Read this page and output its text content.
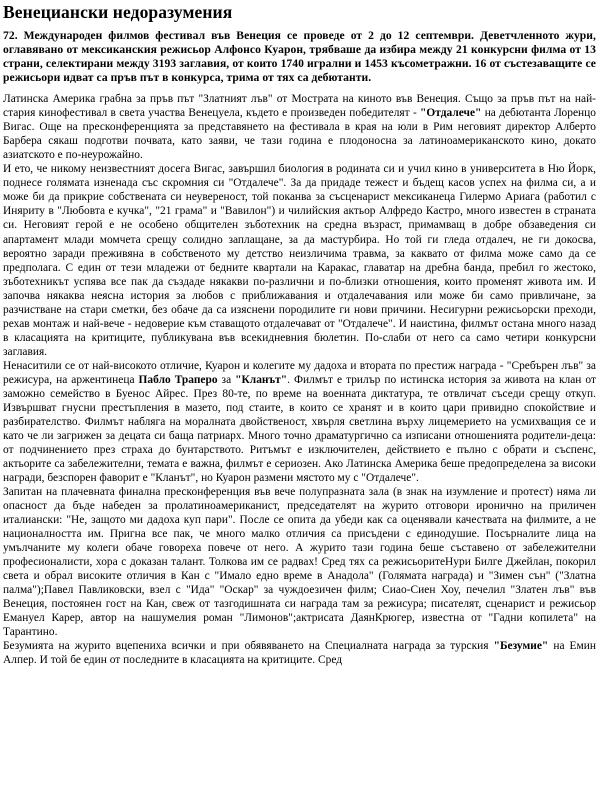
Венециански недоразумения
72. Международен филмов фестивал във Венеция се проведе от 2 до 12 септември. Деветчленното жури, оглавявано от мексиканския режисьор Алфонсо Куарон, трябваше да избира между 21 конкурсни филма от 13 страни, селектирани между 3193 заглавия, от които 1740 игрални и 1453 късометражни. 16 от състезаващите се режисьори идват са пръв път в конкурса, трима от тях са дебютанти.

Латинска Америка грабна за пръв път "Златният лъв" от Мострата на киното във Венеция. Също за пръв път на най-стария кинофестивал в света участва Венецуела, където е произведен победителят - "Отдалече" на дебютанта Лоренцо Вигас. Още на пресконференцията за представянето на фестивала в края на юли в Рим неговият директор Алберто Барбера сякаш подготви почвата, като заяви, че тази година е плодоносна за латиноамериканското кино, докато азиатското е по-неурожайно.

И ето, че никому неизвестният досега Вигас, завършил биология в родината си и учил кино в университета в Ню Йорк, поднесе голямата изненада със скромния си "Отдалече". За да придаде тежест и бъдещ касов успех на филма си, а и може би да прикрие собствената си неувереност, той поканва за съсценарист мексиканеца Гилермо Ариага (работил с Иняриту в "Любовта е кучка", "21 грама" и "Вавилон") и чилийския актьор Алфредо Кастро, много известен в страната си. Неговият герой е не особено общителен зъботехник на средна възраст, примамващ в добре обзаведения си апартамент млади момчета срещу солидно заплащане, за да мастурбира. Но той ги гледа отдалеч, не ги докосва, вероятно заради преживяна в собственото му детство неизличима травма, за каквато от филма може само да се предполага. С един от тези младежи от бедните квартали на Каракас, главатар на дребна банда, пребил го жестоко, зъботехникът успява все пак да създаде някакви по-различни и по-близки отношения, които променят живота им. И започва някаква неясна история за любов с приближавания и отдалечавания или може би само привличане, за разчистване на стари сметки, без обаче да са изяснени породилите ги нови причини. Несигурни режисьорски преходи, рехав монтаж и най-вече - недоверие към ставащото отдалечават от "Отдалече". И наистина, филмът остана много назад в класацията на критиците, публикувана във всекидневния бюлетин. По-слаби от него са само четири конкурсни заглавия.

Ненаситили се от най-високото отличие, Куарон и колегите му дадоха и втората по престиж награда - "Сребърен лъв" за режисура, на аржентинеца Пабло Траперо за "Кланът". Филмът е трилър по истинска история за живота на клан от заможно семейство в Буенос Айрес. През 80-те, по време на военната диктатура, те отвличат съседи срещу откуп. Извършват гнусни престъпления в мазето, под стаите, в които се хранят и в които цари привидно спокойствие и разбирателство. Филмът набляга на моралната двойственост, хвърля светлина върху лицемерието на усмихващия се и като че ли загрижен за децата си баща патриарх. Много точно драматургично са изписани отношенията родители-деца: от подчинението през страха до бунтарството. Ритъмът е изключителен, действието е пълно с обрати и съспенс, актьорите са забележителни, темата е важна, филмът е сериозен. Ако Латинска Америка беше предопределена за високи награди, безспорен фаворит е "Кланът", но Куарон размени мястото му с "Отдалече".

Запитан на плачевната финална пресконференция във вече полупразната зала (в знак на изумление и протест) няма ли опасност да бъде набеден за пролатиноамериканист, председателят на журито отговори иронично на приличен италиански: "Не, защото ми дадоха куп пари". После се опита да убеди как са оценявали качествата на филмите, а не националността им. Пригна все пак, че много малко отличия са присъдени с единодушие. Посърналите лица на умълчаните му колеги обаче говореха повече от него. А журито тази година беше съставено от забележителни професионалисти, хора с доказан талант. Толкова им се радвах! Сред тях са режисьоритеНури Билге Джейлан, покорил света и обрал високите отличия в Кан с "Имало едно време в Анадола" (Голямата награда) и "Зимен сън" ("Златна палма");Павел Павликовски, взел с "Ида" "Оскар" за чуждоезичен филм; Сиао-Сиен Хоу, печелил "Златен лъв" във Венеция, постоянен гост на Кан, свеж от тазгодишната си награда там за режисура; писателят, сценарист и режисьор Емануел Карер, автор на нашумелия роман "Лимонов";актрисата ДаянКрюгер, известна от "Гадни копилета" на Тарантино.

Безумията на журито вцепениха всички и при обявяването на Специалната награда за турския "Безумие" на Емин Алпер. И той бе един от последните в класацията на критиците. Сред
